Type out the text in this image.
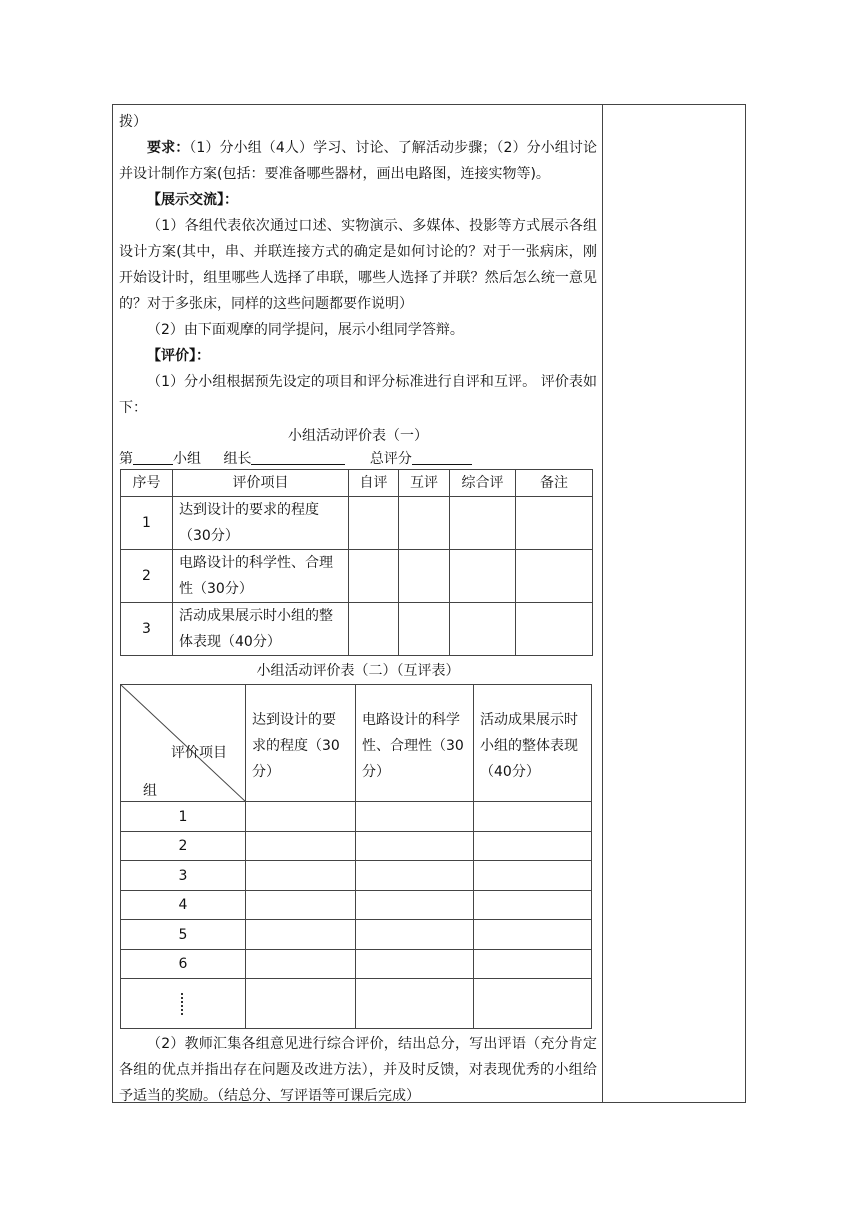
拨）

要求：（1）分小组（4人）学习、讨论、了解活动步骤；（2）分小组讨论并设计制作方案(包括：要准备哪些器材，画出电路图，连接实物等)。

【展示交流】：

（1）各组代表依次通过口述、实物演示、多媒体、投影等方式展示各组设计方案(其中，串、并联连接方式的确定是如何讨论的？对于一张病床，刚开始设计时，组里哪些人选择了串联，哪些人选择了并联？然后怎么统一意见的？对于多张床，同样的这些问题都要作说明）

（2）由下面观摩的同学提问，展示小组同学答辩。

【评价】：

（1）分小组根据预先设定的项目和评分标准进行自评和互评。 评价表如下：

小组活动评价表（一）

第	小组 组长	总评分
序号	评价项目	自评	互评	综合评	备注
1	达到设计的要求的程度（30分）				
2	电路设计的科学性、合理性（30分）				
3	活动成果展示时小组的整体表现（40分）				

小组活动评价表（二）（互评表）

评价项目
组	达到设计的要求的程度（30分）	电路设计的科学性、合理性（30分）	活动成果展示时小组的整体表现（40分）
1			
2			
3			
4			
5			
6			

（2）教师汇集各组意见进行综合评价，结出总分，写出评语（充分肯定各组的优点并指出存在问题及改进方法），并及时反馈，对表现优秀的小组给予适当的奖励。（结总分、写评语等可课后完成）
